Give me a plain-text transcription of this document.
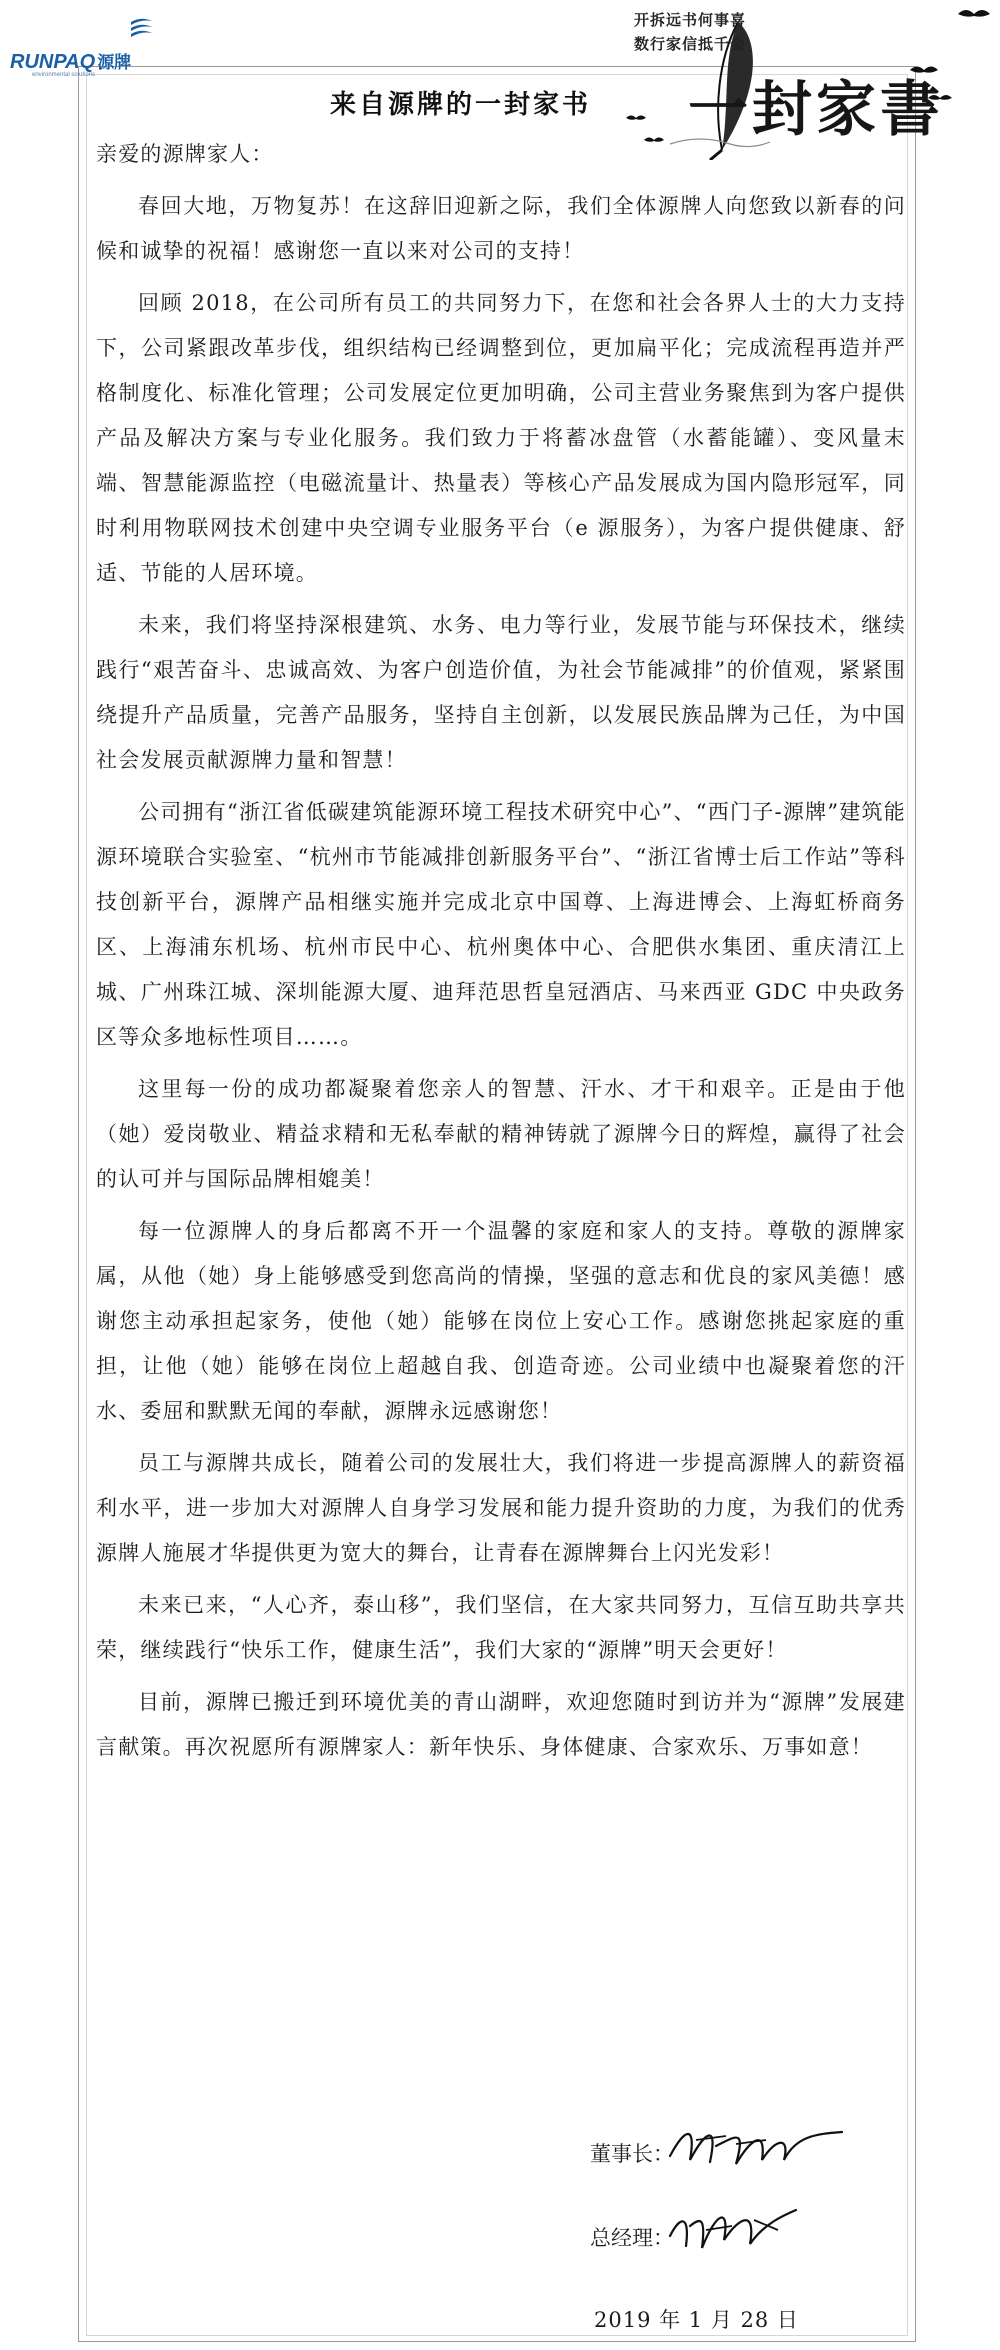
RUNPAQ 源牌
environmental solutions
开拆远书何事喜
数行家信抵千金
一封家書
来自源牌的一封家书

亲爱的源牌家人：

春回大地，万物复苏！在这辞旧迎新之际，我们全体源牌人向您致以新春的问候和诚挚的祝福！感谢您一直以来对公司的支持！

回顾 2018，在公司所有员工的共同努力下，在您和社会各界人士的大力支持下，公司紧跟改革步伐，组织结构已经调整到位，更加扁平化；完成流程再造并严格制度化、标准化管理；公司发展定位更加明确，公司主营业务聚焦到为客户提供产品及解决方案与专业化服务。我们致力于将蓄冰盘管（水蓄能罐）、变风量末端、智慧能源监控（电磁流量计、热量表）等核心产品发展成为国内隐形冠军，同时利用物联网技术创建中央空调专业服务平台（e 源服务），为客户提供健康、舒适、节能的人居环境。

未来，我们将坚持深根建筑、水务、电力等行业，发展节能与环保技术，继续践行“艰苦奋斗、忠诚高效、为客户创造价值，为社会节能减排”的价值观，紧紧围绕提升产品质量，完善产品服务，坚持自主创新，以发展民族品牌为己任，为中国社会发展贡献源牌力量和智慧！

公司拥有“浙江省低碳建筑能源环境工程技术研究中心”、“西门子-源牌”建筑能源环境联合实验室、“杭州市节能减排创新服务平台”、“浙江省博士后工作站”等科技创新平台，源牌产品相继实施并完成北京中国尊、上海进博会、上海虹桥商务区、上海浦东机场、杭州市民中心、杭州奥体中心、合肥供水集团、重庆清江上城、广州珠江城、深圳能源大厦、迪拜范思哲皇冠酒店、马来西亚 GDC 中央政务区等众多地标性项目……。

这里每一份的成功都凝聚着您亲人的智慧、汗水、才干和艰辛。正是由于他（她）爱岗敬业、精益求精和无私奉献的精神铸就了源牌今日的辉煌，赢得了社会的认可并与国际品牌相媲美！

每一位源牌人的身后都离不开一个温馨的家庭和家人的支持。尊敬的源牌家属，从他（她）身上能够感受到您高尚的情操，坚强的意志和优良的家风美德！感谢您主动承担起家务，使他（她）能够在岗位上安心工作。感谢您挑起家庭的重担，让他（她）能够在岗位上超越自我、创造奇迹。公司业绩中也凝聚着您的汗水、委屈和默默无闻的奉献，源牌永远感谢您！

员工与源牌共成长，随着公司的发展壮大，我们将进一步提高源牌人的薪资福利水平，进一步加大对源牌人自身学习发展和能力提升资助的力度，为我们的优秀源牌人施展才华提供更为宽大的舞台，让青春在源牌舞台上闪光发彩！

未来已来，“人心齐，泰山移”，我们坚信，在大家共同努力，互信互助共享共荣，继续践行“快乐工作，健康生活”，我们大家的“源牌”明天会更好！

目前，源牌已搬迁到环境优美的青山湖畔，欢迎您随时到访并为“源牌”发展建言献策。再次祝愿所有源牌家人：新年快乐、身体健康、合家欢乐、万事如意！

董事长：
总经理：
2019 年 1 月 28 日
